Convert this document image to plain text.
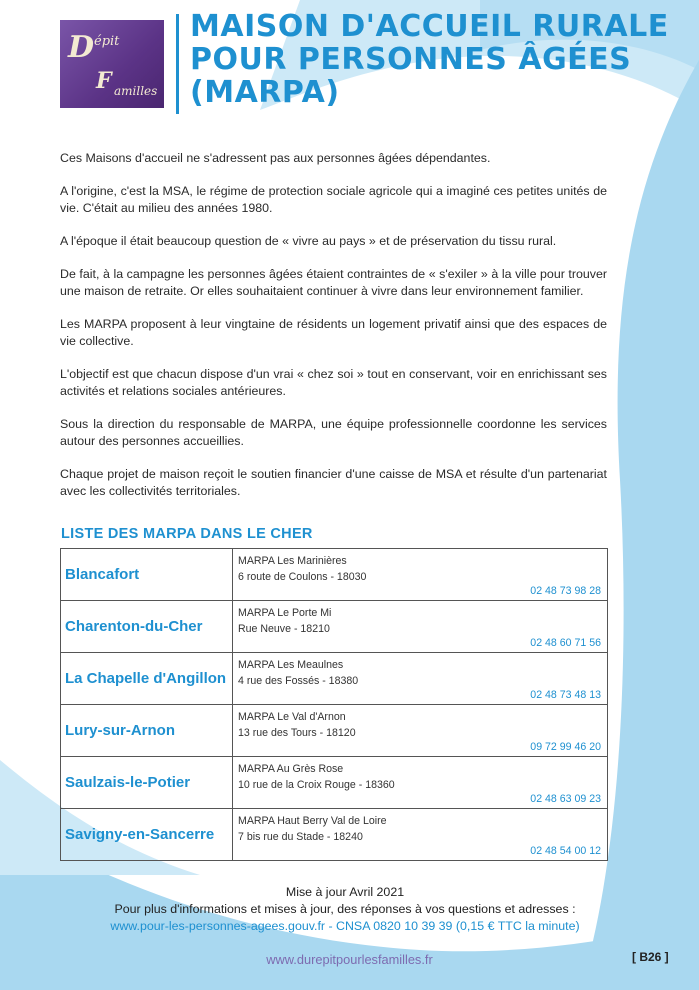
D épit
F amilles
MAISON D'ACCUEIL RURALE
POUR PERSONNES ÂGÉES
(MARPA)

Ces Maisons d'accueil ne s'adressent pas aux personnes âgées dépendantes.

A l'origine, c'est la MSA, le régime de protection sociale agricole qui a imaginé ces petites unités de vie. C'était au milieu des années 1980.

A l'époque il était beaucoup question de « vivre au pays » et de préservation du tissu rural.

De fait, à la campagne les personnes âgées étaient contraintes de « s'exiler » à la ville pour trouver une maison de retraite. Or elles souhaitaient continuer à vivre dans leur environnement familier.

Les MARPA proposent à leur vingtaine de résidents un logement privatif ainsi que des espaces de vie collective.

L'objectif est que chacun dispose d'un vrai « chez soi » tout en conservant, voir en enrichissant ses activités et relations sociales antérieures.

Sous la direction du responsable de MARPA, une équipe professionnelle coordonne les services autour des personnes accueillies.

Chaque projet de maison reçoit le soutien financier d'une caisse de MSA et résulte d'un partenariat avec les collectivités territoriales.

LISTE DES MARPA DANS LE CHER
Blancafort	MARPA Les Marinières
6 route de Coulons - 18030
02 48 73 98 28

Charenton-du-Cher	MARPA Le Porte Mi
Rue Neuve - 18210
02 48 60 71 56

La Chapelle d'Angillon	MARPA Les Meaulnes
4 rue des Fossés - 18380
02 48 73 48 13

Lury-sur-Arnon	MARPA Le Val d'Arnon
13 rue des Tours - 18120
09 72 99 46 20

Saulzais-le-Potier	MARPA Au Grès Rose
10 rue de la Croix Rouge - 18360
02 48 63 09 23

Savigny-en-Sancerre	MARPA Haut Berry Val de Loire
7 bis rue du Stade - 18240
02 48 54 00 12
Mise à jour Avril 2021
Pour plus d'informations et mises à jour, des réponses à vos questions et adresses :
www.pour-les-personnes-agees.gouv.fr - CNSA 0820 10 39 39 (0,15 € TTC la minute)
www.durepitpourlesfamilles.fr	[ B26 ]
